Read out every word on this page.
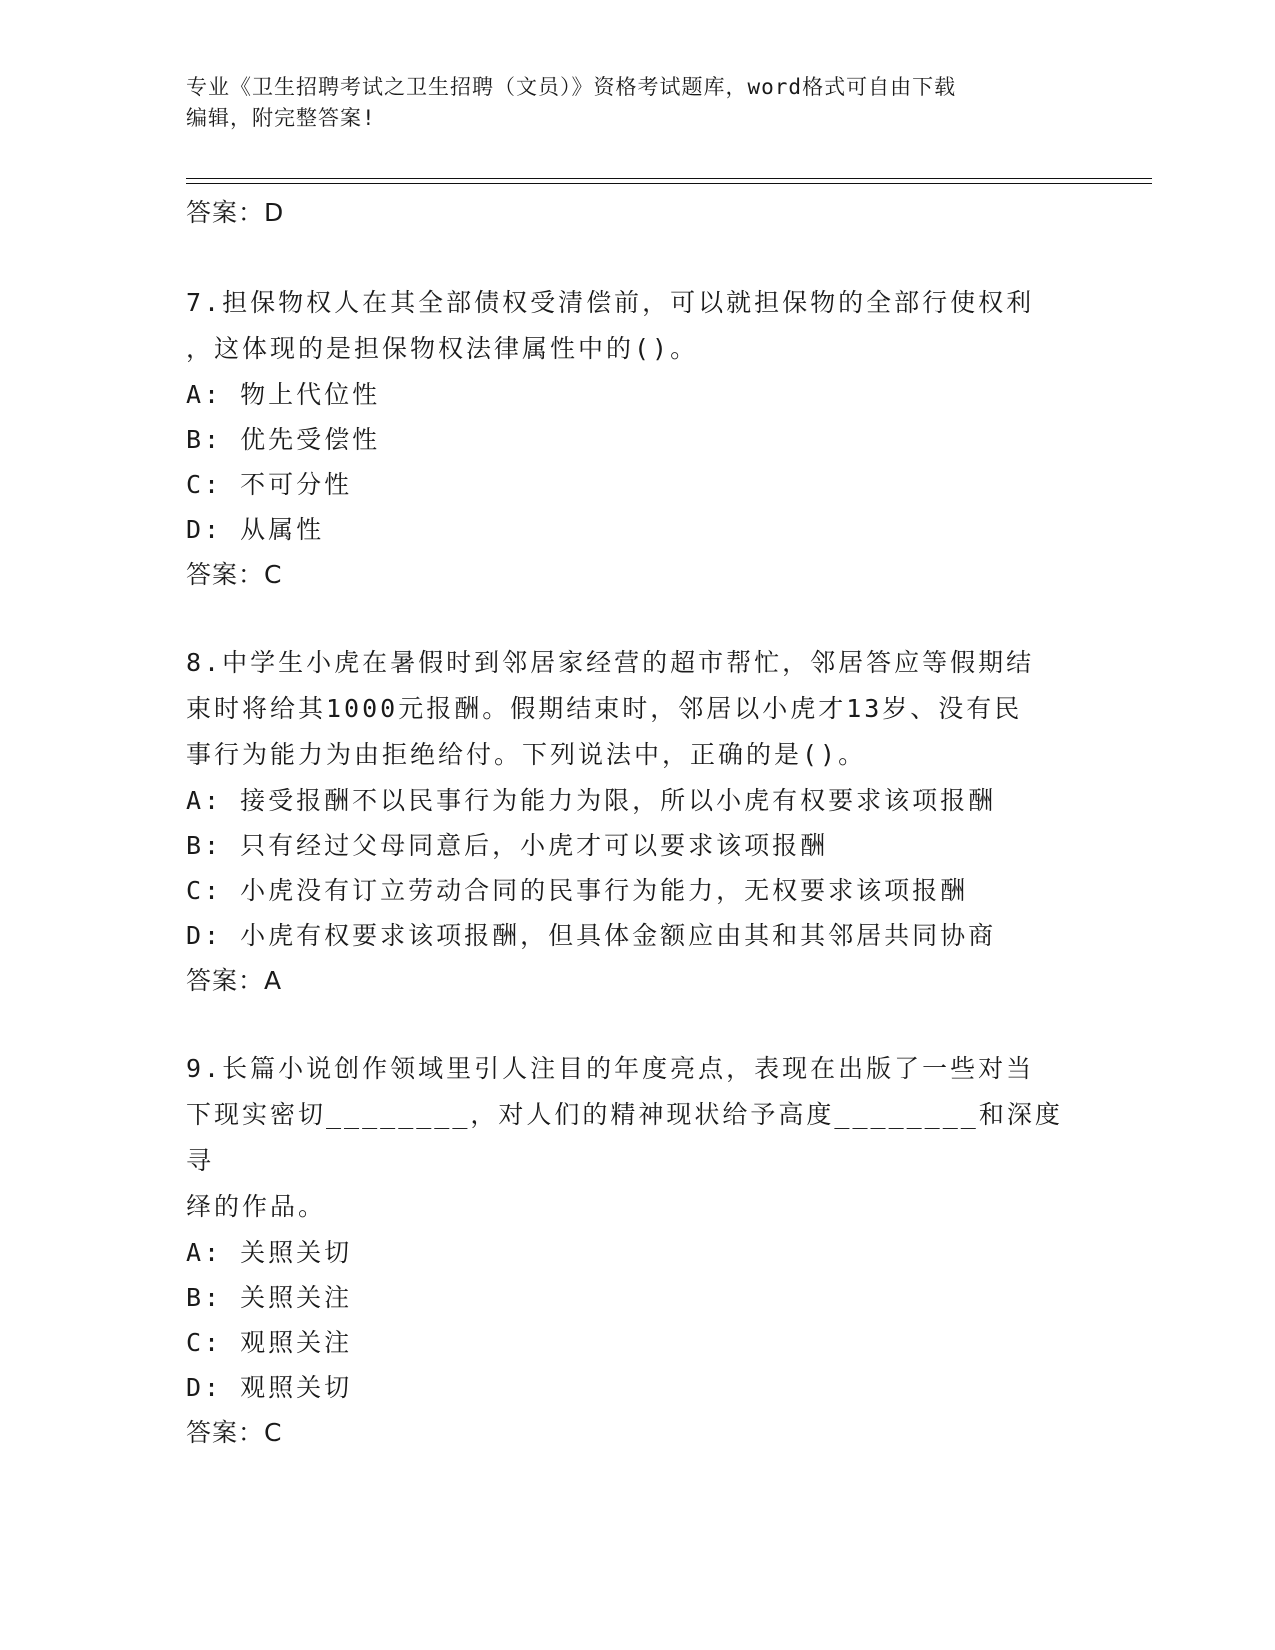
专业《卫生招聘考试之卫生招聘（文员）》资格考试题库，word格式可自由下载
编辑，附完整答案!
答案：D
7.担保物权人在其全部债权受清偿前，可以就担保物的全部行使权利
，这体现的是担保物权法律属性中的()。
A: 物上代位性
B: 优先受偿性
C: 不可分性
D: 从属性
答案：C
8.中学生小虎在暑假时到邻居家经营的超市帮忙，邻居答应等假期结
束时将给其1000元报酬。假期结束时，邻居以小虎才13岁、没有民
事行为能力为由拒绝给付。下列说法中，正确的是()。
A: 接受报酬不以民事行为能力为限，所以小虎有权要求该项报酬
B: 只有经过父母同意后，小虎才可以要求该项报酬
C: 小虎没有订立劳动合同的民事行为能力，无权要求该项报酬
D: 小虎有权要求该项报酬，但具体金额应由其和其邻居共同协商
答案：A
9.长篇小说创作领域里引人注目的年度亮点，表现在出版了一些对当
下现实密切________，对人们的精神现状给予高度________和深度寻
绎的作品。
A: 关照关切
B: 关照关注
C: 观照关注
D: 观照关切
答案：C
